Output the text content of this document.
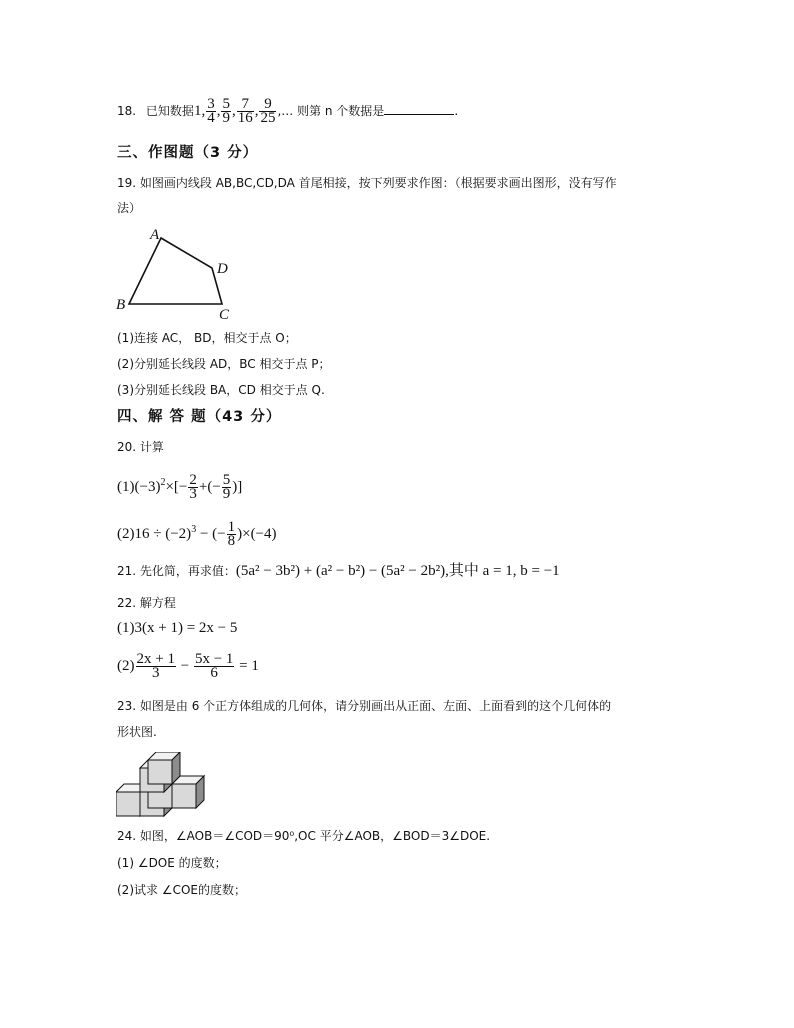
18. 已知数据1, $\frac{3}{4}$ , $\frac{5}{9}$ , $\frac{7}{16}$ , $\frac{9}{25}$ ,… 则第 n 个数据是	.
三、作图题（3 分）
19. 如图画内线段 AB,BC,CD,DA 首尾相接，按下列要求作图：（根据要求画出图形，没有写作
法）
A
B
C
D
(1)连接 AC， BD，相交于点 O；
(2)分别延长线段 AD，BC 相交于点 P；
(3)分别延长线段 BA，CD 相交于点 Q.
四、解 答 题（43 分）
20. 计算
$(1)(-3)^2\times[- \frac{2}{3}$ +(− $\frac{5}{9}$ )]
$(2)16 \div (-2)^3$ − (− $\frac{1}{8} )\times(-4)$
21. 先化简，再求值：(5a² − 3b²) + (a² − b²) − (5a² − 2b²),其中 a = 1, b = −1
22. 解方程
(1)3(x + 1) = 2x − 5
$(2) \frac{2x + 1}{3} - \frac{5x - 1}{6} = 1$
23. 如图是由 6 个正方体组成的几何体，请分别画出从正面、左面、上面看到的这个几何体的
形状图.
24. 如图，∠AOB＝∠COD＝90⁰,OC 平分∠AOB，∠BOD＝3∠DOE.
(1) ∠DOE 的度数；
(2)试求 ∠COE的度数；
